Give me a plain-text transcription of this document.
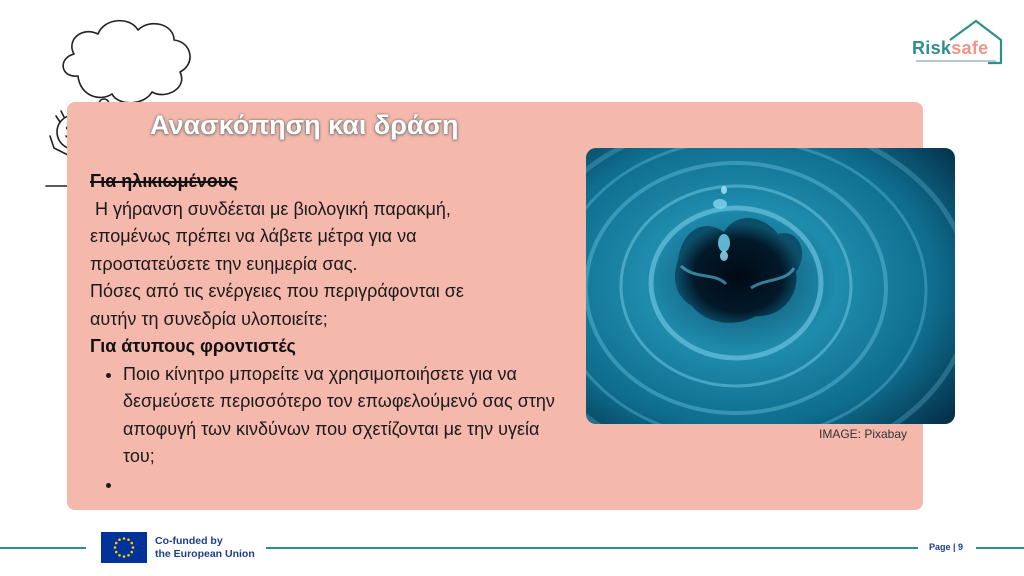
Risksafe
Ανασκόπηση και δράση
Για ηλικιωμένους
Η γήρανση συνδέεται με βιολογική παρακμή,
επομένως πρέπει να λάβετε μέτρα για να
προστατεύσετε την ευημερία σας.
Πόσες από τις ενέργειες που περιγράφονται σε
αυτήν τη συνεδρία υλοποιείτε;
Για άτυπους φροντιστές
• Ποιο κίνητρο μπορείτε να χρησιμοποιήσετε για να δεσμεύσετε περισσότερο τον επωφελούμενό σας στην αποφυγή των κινδύνων που σχετίζονται με την υγεία του;
•
IMAGE: Pixabay
Co-funded by
the European Union
Page | 9
